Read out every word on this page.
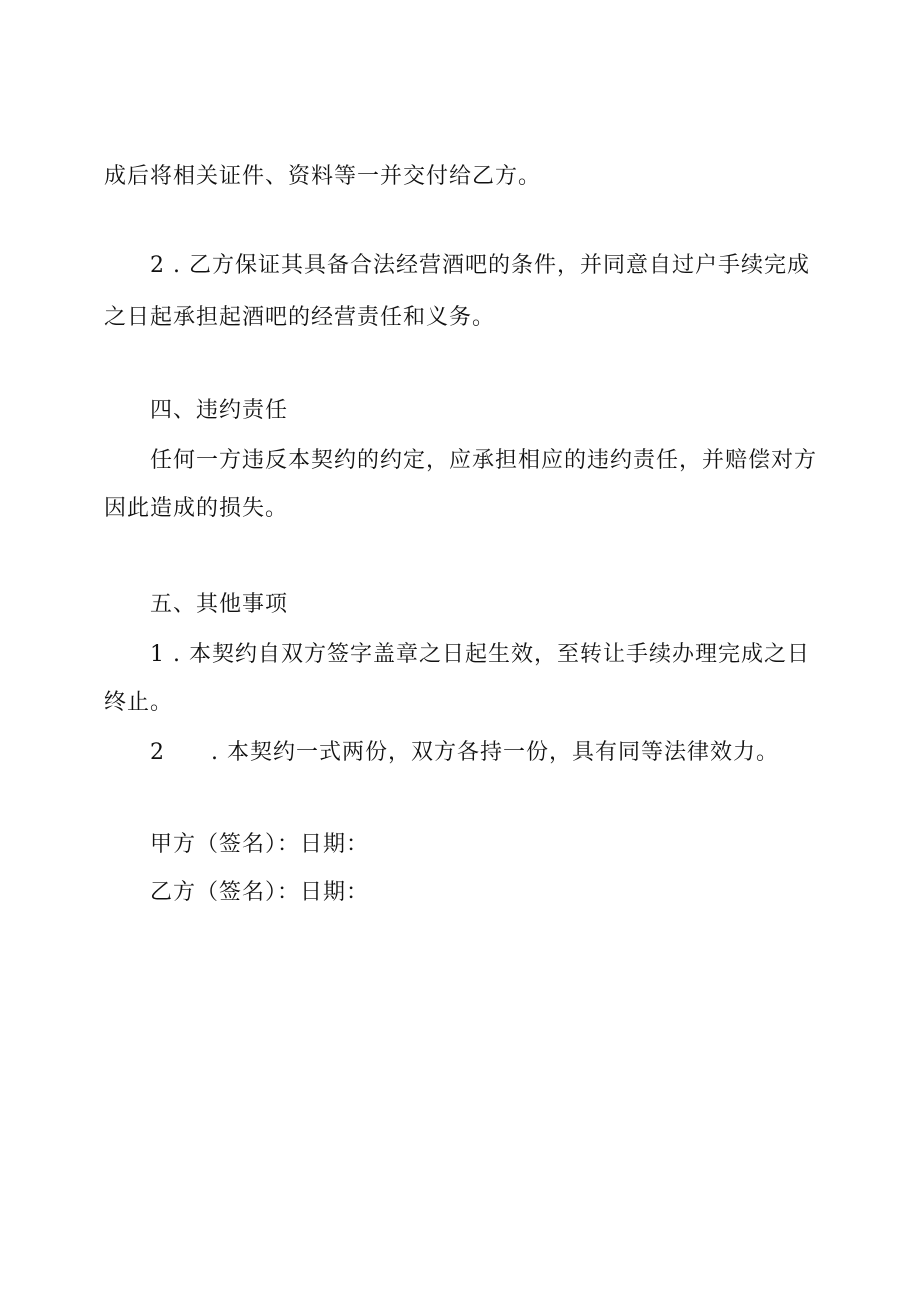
成后将相关证件、资料等一并交付给乙方。
2 . 乙方保证其具备合法经营酒吧的条件，并同意自过户手续完成
之日起承担起酒吧的经营责任和义务。
四、违约责任
任何一方违反本契约的约定，应承担相应的违约责任，并赔偿对方
因此造成的损失。
五、其他事项
1 . 本契约自双方签字盖章之日起生效，至转让手续办理完成之日
终止。
2 . 本契约一式两份，双方各持一份，具有同等法律效力。
甲方（签名）：日期：
乙方（签名）：日期：
